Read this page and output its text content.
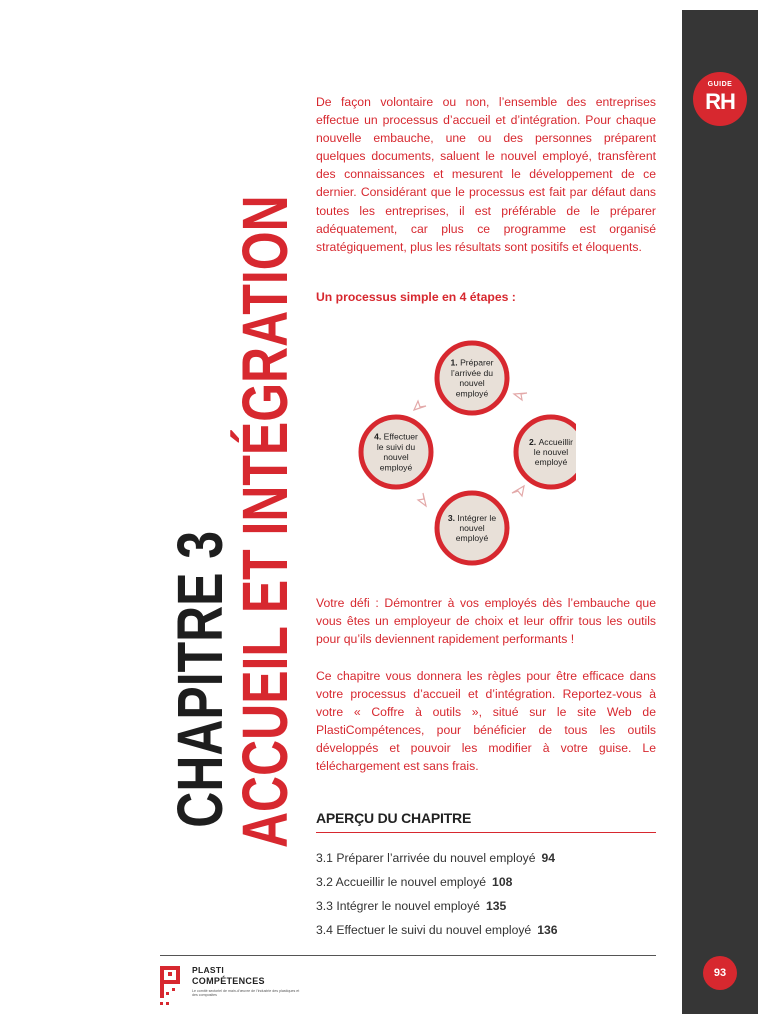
GUIDE
RH
93
CHAPITRE 3
ACCUEIL ET INTÉGRATION
De façon volontaire ou non, l’ensemble des entreprises effectue un processus d’accueil et d’intégration. Pour chaque nouvelle embauche, une ou des personnes préparent quelques documents, saluent le nouvel employé, transfèrent des connaissances et mesurent le développement de ce dernier. Considérant que le processus est fait par défaut dans toutes les entreprises, il est préférable de le préparer adéquatement, car plus ce programme est organisé stratégiquement, plus les résultats sont positifs et éloquents.
Un processus simple en 4 étapes :
1. Préparer
l’arrivée du
nouvel
employé
2. Accueillir
le nouvel
employé
3. Intégrer le
nouvel
employé
4. Effectuer
le suivi du
nouvel
employé
Votre défi : Démontrer à vos employés dès l’embauche que vous êtes un employeur de choix et leur offrir tous les outils pour qu’ils deviennent rapidement performants !
Ce chapitre vous donnera les règles pour être efficace dans votre processus d’accueil et d’intégration. Reportez-vous à votre « Coffre à outils », situé sur le site Web de PlastiCompétences, pour bénéficier de tous les outils développés et pouvoir les modifier à votre guise. Le téléchargement est sans frais.
APERÇU DU CHAPITRE
3.1 Préparer l’arrivée du nouvel employé 94
3.2 Accueillir le nouvel employé 108
3.3 Intégrer le nouvel employé 135
3.4 Effectuer le suivi du nouvel employé 136
PLASTI
COMPÉTENCES
Le comité sectoriel de main-d’œuvre de l’industrie des plastiques et des composites
